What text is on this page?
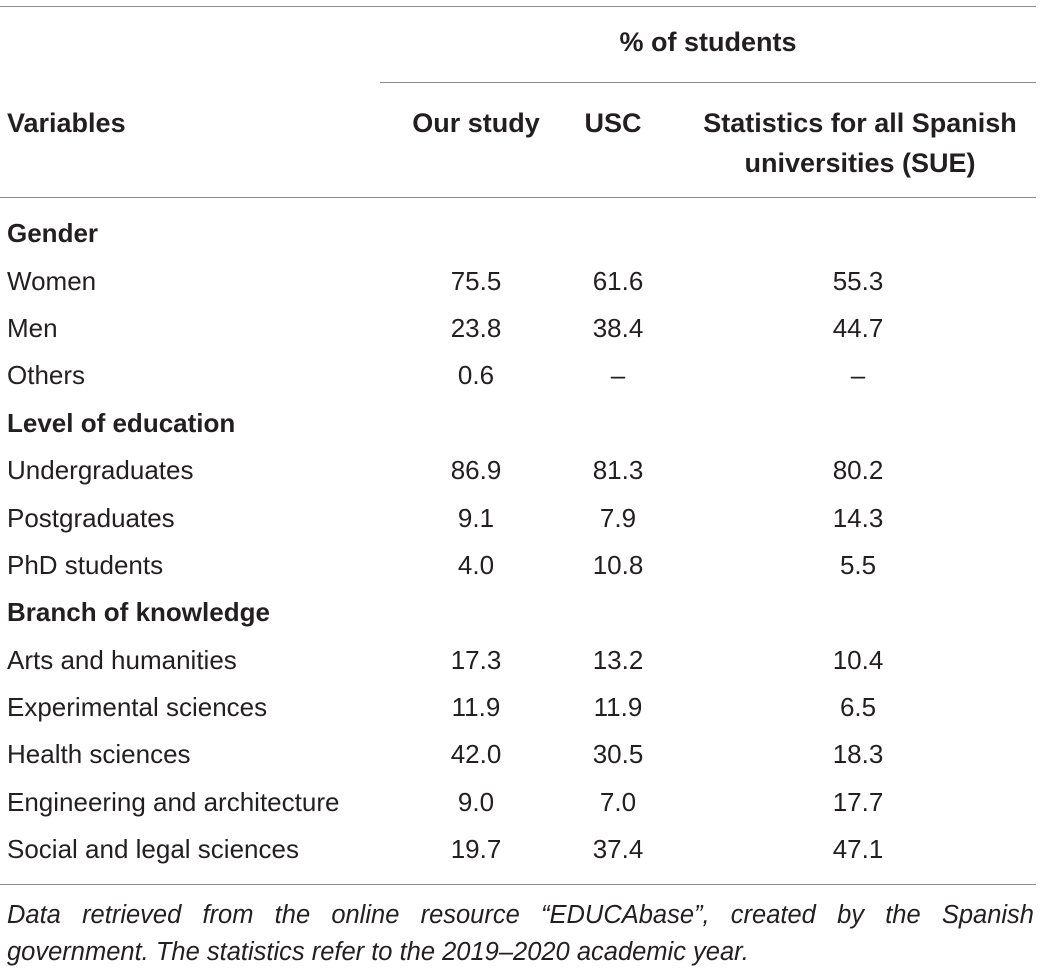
% of students
Variables	Our study	USC	Statistics for all Spanish
universities (SUE)
Gender			
Women	75.5	61.6	55.3
Men	23.8	38.4	44.7
Others	0.6	–	–
Level of education			
Undergraduates	86.9	81.3	80.2
Postgraduates	9.1	7.9	14.3
PhD students	4.0	10.8	5.5
Branch of knowledge			
Arts and humanities	17.3	13.2	10.4
Experimental sciences	11.9	11.9	6.5
Health sciences	42.0	30.5	18.3
Engineering and architecture	9.0	7.0	17.7
Social and legal sciences	19.7	37.4	47.1
Data retrieved from the online resource “EDUCAbase”, created by the Spanish government. The statistics refer to the 2019–2020 academic year.
